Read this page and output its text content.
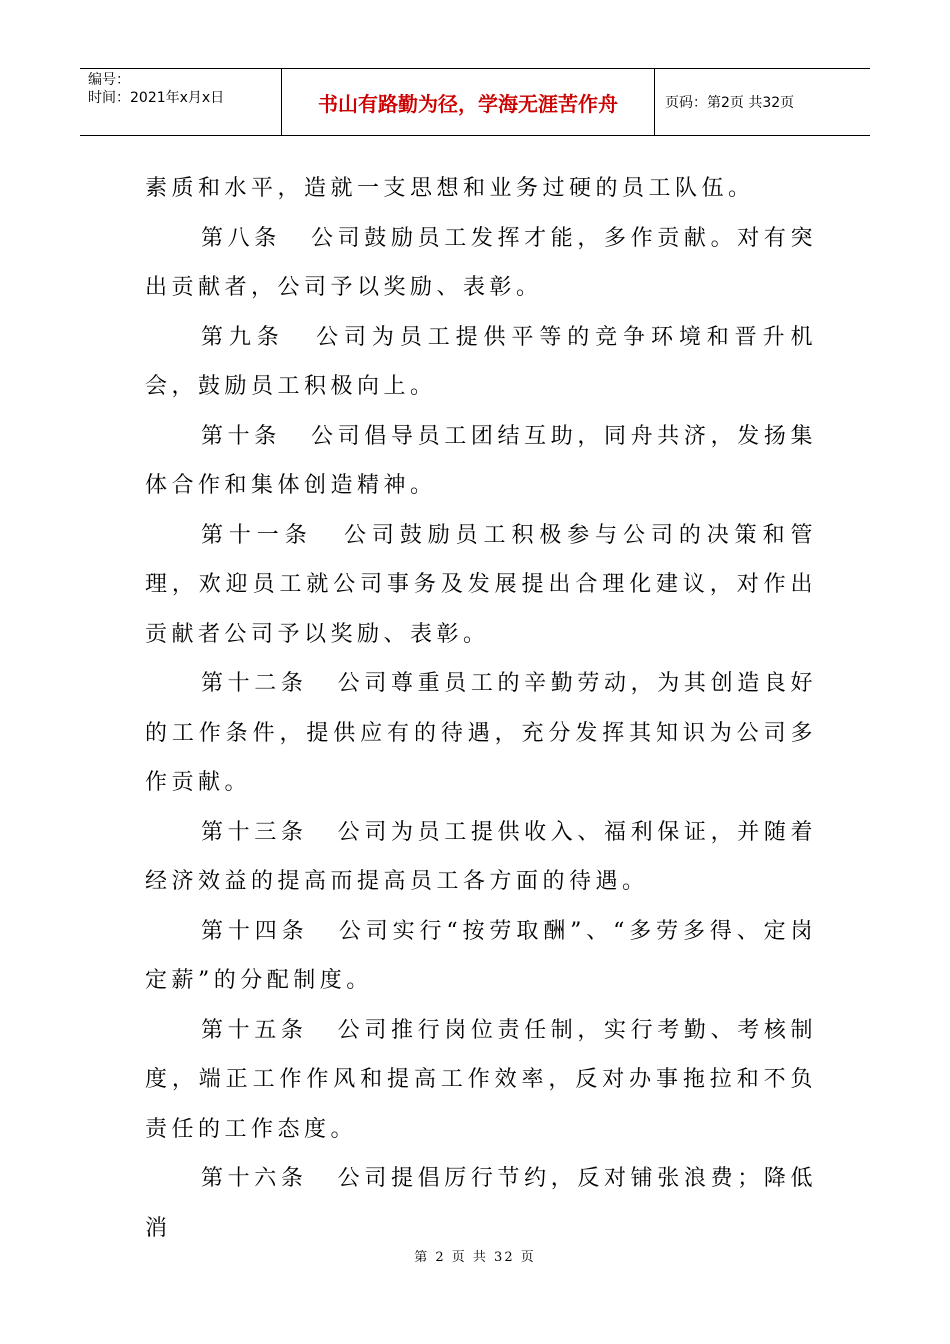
编号：
时间：2021年x月x日	书山有路勤为径，学海无涯苦作舟	页码：第2页 共32页

素质和水平，造就一支思想和业务过硬的员工队伍。

第八条 公司鼓励员工发挥才能，多作贡献。对有突出贡献者，公司予以奖励、表彰。

第九条 公司为员工提供平等的竞争环境和晋升机会，鼓励员工积极向上。

第十条 公司倡导员工团结互助，同舟共济，发扬集体合作和集体创造精神。

第十一条 公司鼓励员工积极参与公司的决策和管理，欢迎员工就公司事务及发展提出合理化建议，对作出贡献者公司予以奖励、表彰。

第十二条 公司尊重员工的辛勤劳动，为其创造良好的工作条件，提供应有的待遇，充分发挥其知识为公司多作贡献。

第十三条 公司为员工提供收入、福利保证，并随着经济效益的提高而提高员工各方面的待遇。

第十四条 公司实行“按劳取酬”、“多劳多得、定岗定薪”的分配制度。

第十五条 公司推行岗位责任制，实行考勤、考核制度，端正工作作风和提高工作效率，反对办事拖拉和不负责任的工作态度。

第十六条 公司提倡厉行节约，反对铺张浪费；降低消

第 2 页 共 32 页
